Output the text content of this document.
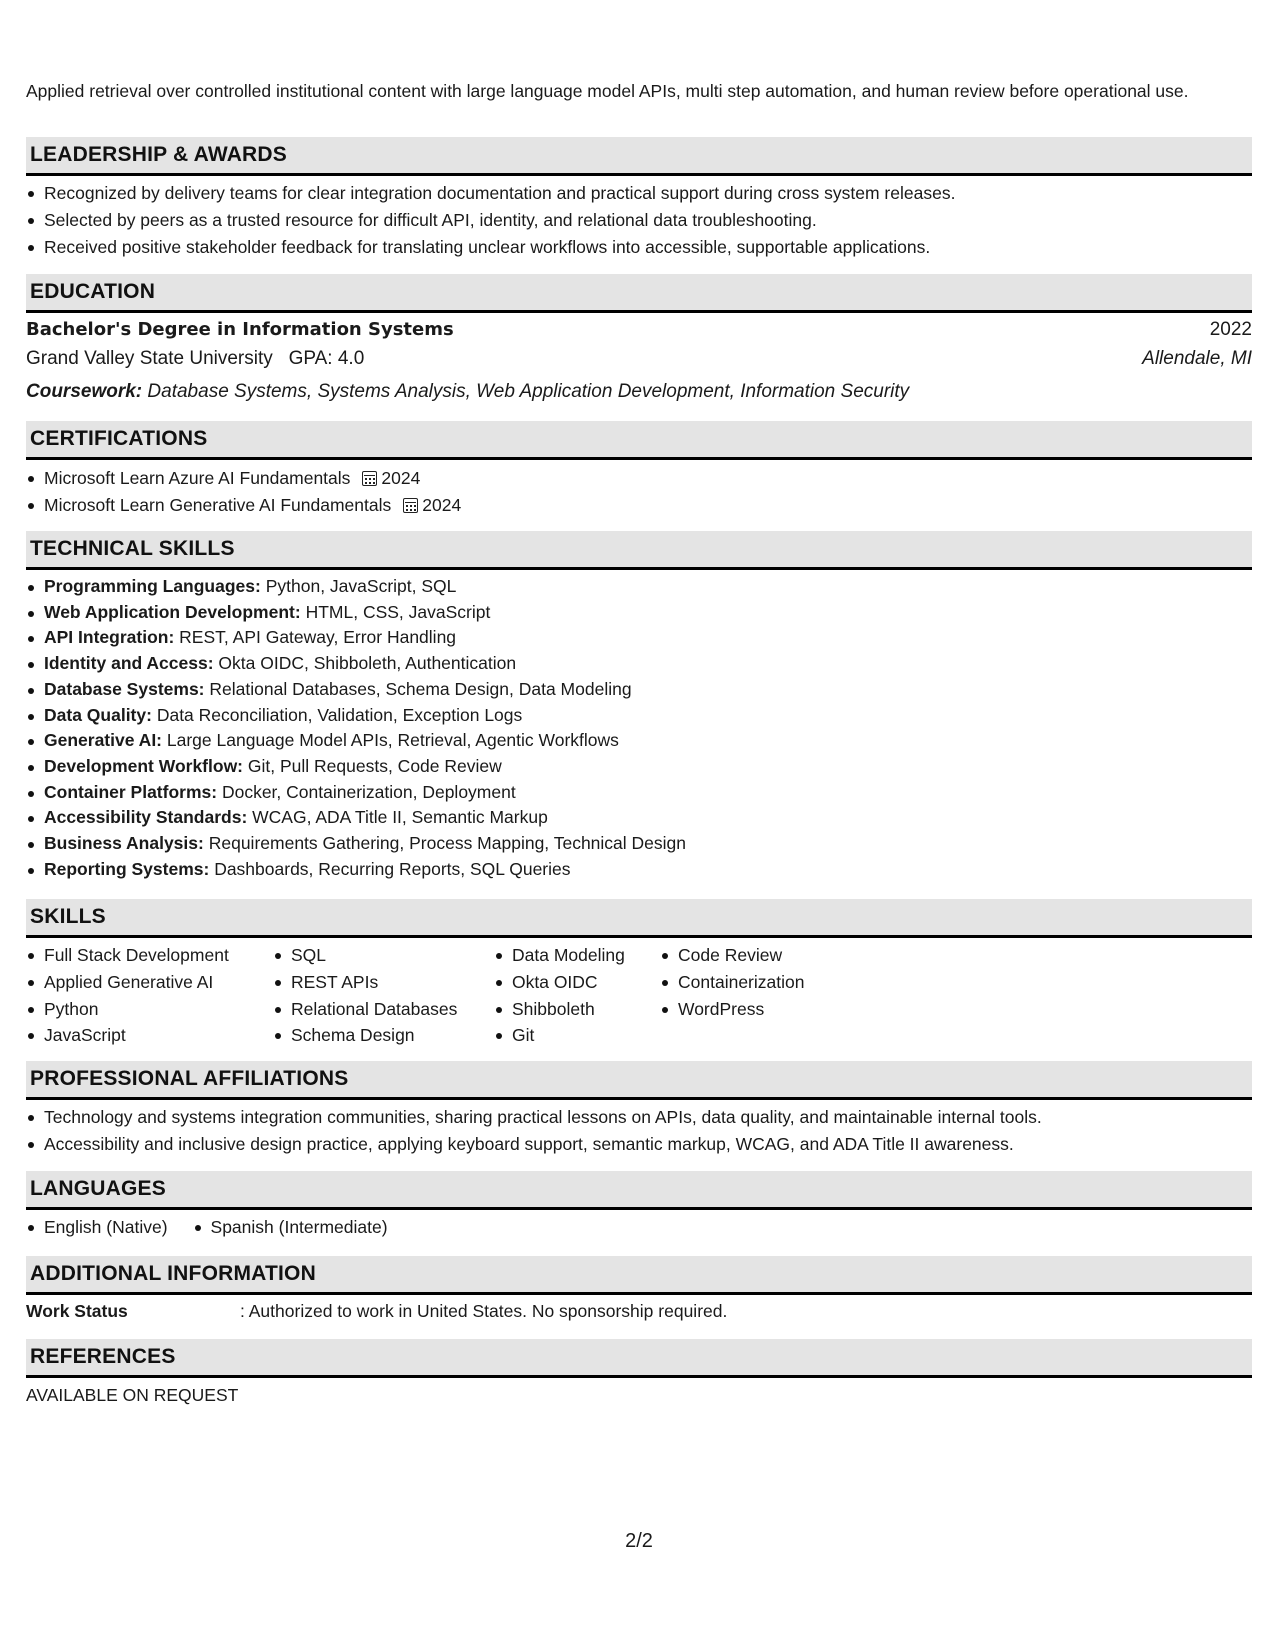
Applied retrieval over controlled institutional content with large language model APIs, multi step automation, and human review before operational use.

LEADERSHIP & AWARDS
Recognized by delivery teams for clear integration documentation and practical support during cross system releases.
Selected by peers as a trusted resource for difficult API, identity, and relational data troubleshooting.
Received positive stakeholder feedback for translating unclear workflows into accessible, supportable applications.
EDUCATION
Bachelor's Degree in Information Systems	2022
Grand Valley State University GPA: 4.0	Allendale, MI
Coursework: Database Systems, Systems Analysis, Web Application Development, Information Security
CERTIFICATIONS
Microsoft Learn Azure AI Fundamentals 2024
Microsoft Learn Generative AI Fundamentals 2024
TECHNICAL SKILLS
Programming Languages: Python, JavaScript, SQL
Web Application Development: HTML, CSS, JavaScript
API Integration: REST, API Gateway, Error Handling
Identity and Access: Okta OIDC, Shibboleth, Authentication
Database Systems: Relational Databases, Schema Design, Data Modeling
Data Quality: Data Reconciliation, Validation, Exception Logs
Generative AI: Large Language Model APIs, Retrieval, Agentic Workflows
Development Workflow: Git, Pull Requests, Code Review
Container Platforms: Docker, Containerization, Deployment
Accessibility Standards: WCAG, ADA Title II, Semantic Markup
Business Analysis: Requirements Gathering, Process Mapping, Technical Design
Reporting Systems: Dashboards, Recurring Reports, SQL Queries
SKILLS
Full Stack Development
Applied Generative AI
Python
JavaScript
SQL
REST APIs
Relational Databases
Schema Design
Data Modeling
Okta OIDC
Shibboleth
Git
Code Review
Containerization
WordPress
PROFESSIONAL AFFILIATIONS
Technology and systems integration communities, sharing practical lessons on APIs, data quality, and maintainable internal tools.
Accessibility and inclusive design practice, applying keyboard support, semantic markup, WCAG, and ADA Title II awareness.
LANGUAGES
English (Native) Spanish (Intermediate)
ADDITIONAL INFORMATION
Work Status	: Authorized to work in United States. No sponsorship required.
REFERENCES
AVAILABLE ON REQUEST
2/2
